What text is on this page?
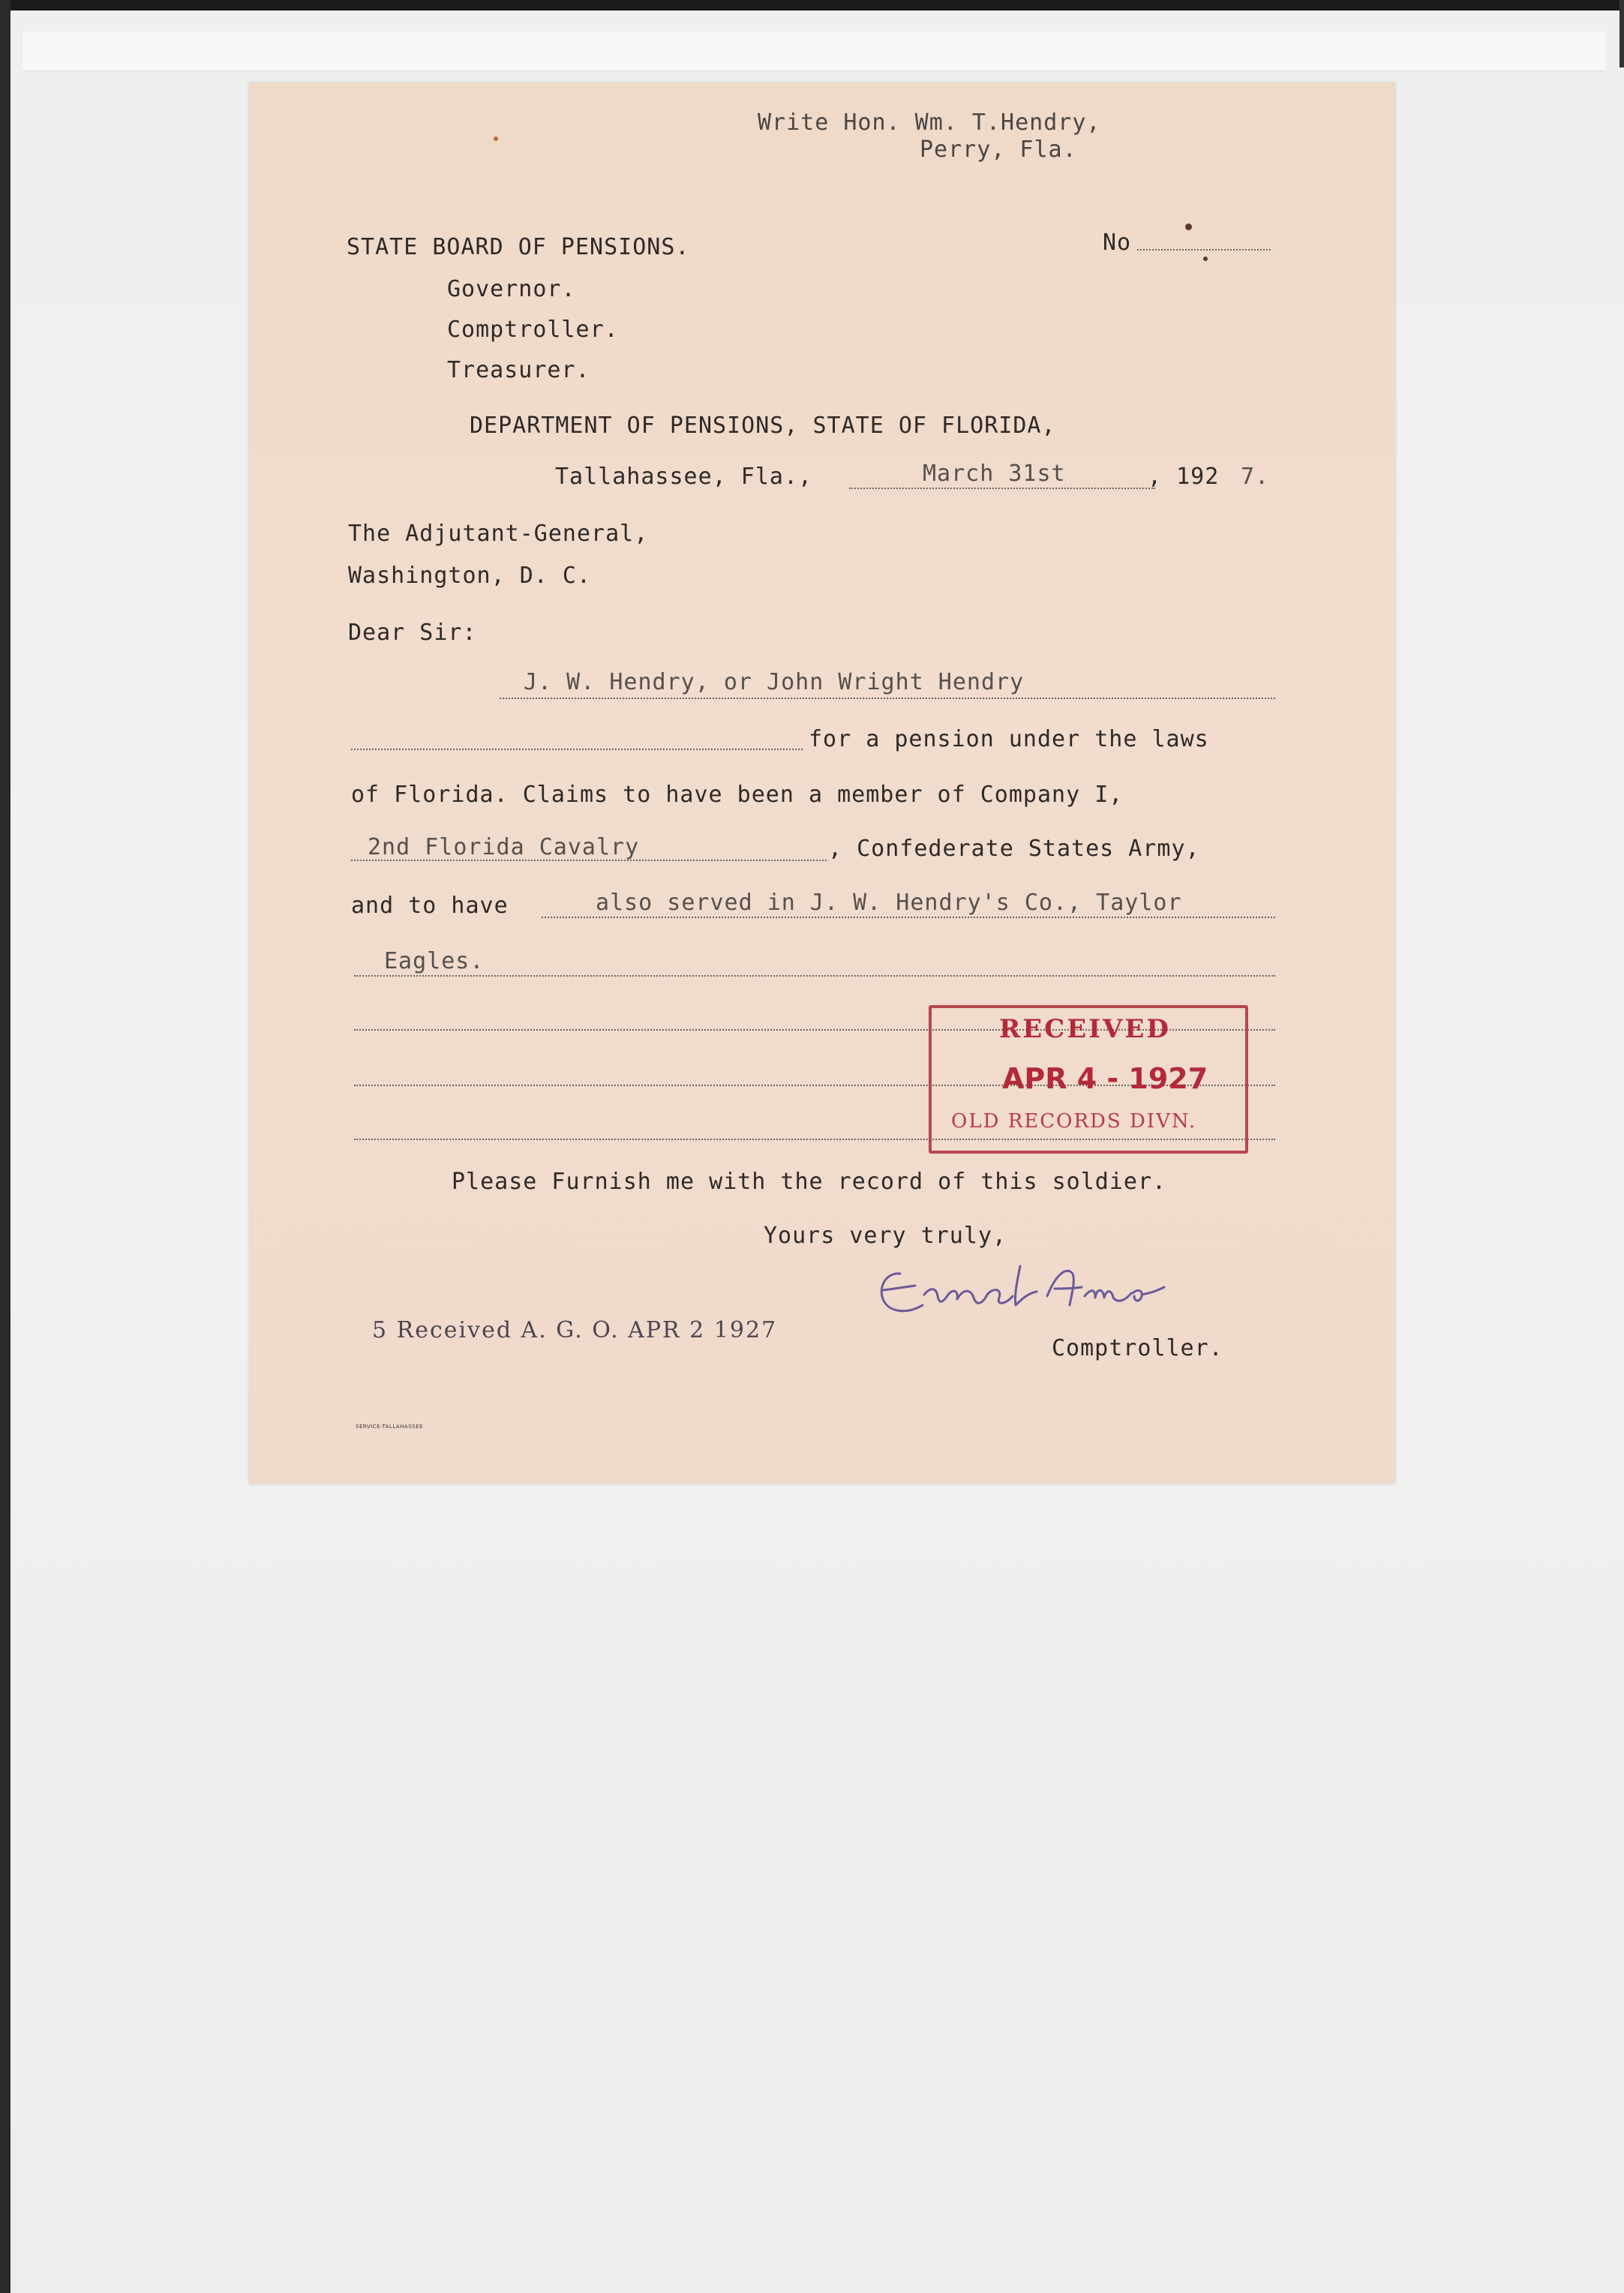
Write Hon. Wm. T.Hendry,
Perry, Fla.
STATE BOARD OF PENSIONS.	No
Governor.
Comptroller.
Treasurer.
DEPARTMENT OF PENSIONS, STATE OF FLORIDA,
Tallahassee, Fla.,	March 31st	, 192 7.
The Adjutant-General,
Washington, D. C.
Dear Sir:
J. W. Hendry, or John Wright Hendry
for a pension under the laws
of Florida. Claims to have been a member of Company I,
2nd Florida Cavalry	, Confederate States Army,
and to have	also served in J. W. Hendry's Co., Taylor
Eagles.
Please Furnish me with the record of this soldier.
Yours very truly,
Comptroller.
5 Received A. G. O. APR 2 1927
SERVICE-TALLAHASSEE
RECEIVED
APR 4 - 1927
OLD RECORDS DIVN.
